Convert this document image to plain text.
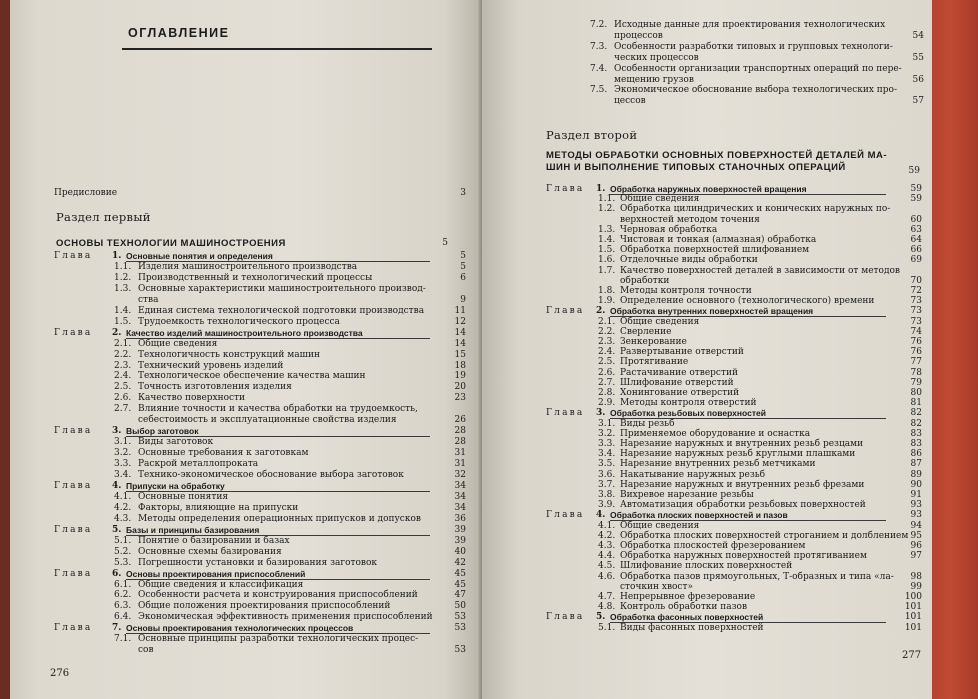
ОГЛАВЛЕНИЕ
Предисловие	3
Раздел первый
ОСНОВЫ ТЕХНОЛОГИИ МАШИНОСТРОЕНИЯ	5
Глава 1. Основные понятия и определения	5
1.1. Изделия машиностроительного производства	5
1.2. Производственный и технологический процессы	6
1.3. Основные характеристики машиностроительного производ-
ства	9
1.4. Единая система технологической подготовки производства	11
1.5. Трудоемкость технологического процесса	12
Глава 2. Качество изделий машиностроительного производства	14
2.1. Общие сведения	14
2.2. Технологичность конструкций машин	15
2.3. Технический уровень изделий	18
2.4. Технологическое обеспечение качества машин	19
2.5. Точность изготовления изделия	20
2.6. Качество поверхности	23
2.7. Влияние точности и качества обработки на трудоемкость,
себестоимость и эксплуатационные свойства изделия	26
Глава 3. Выбор заготовок	28
3.1. Виды заготовок	28
3.2. Основные требования к заготовкам	31
3.3. Раскрой металлопроката	31
3.4. Технико-экономическое обоснование выбора заготовок	32
Глава 4. Припуски на обработку	34
4.1. Основные понятия	34
4.2. Факторы, влияющие на припуски	34
4.3. Методы определения операционных припусков и допусков	36
Глава 5. Базы и принципы базирования	39
5.1. Понятие о базировании и базах	39
5.2. Основные схемы базирования	40
5.3. Погрешности установки и базирования заготовок	42
Глава 6. Основы проектирования приспособлений	45
6.1. Общие сведения и классификация	45
6.2. Особенности расчета и конструирования приспособлений	47
6.3. Общие положения проектирования приспособлений	50
6.4. Экономическая эффективность применения приспособлений	53
Глава 7. Основы проектирования технологических процессов	53
7.1. Основные принципы разработки технологических процес-
сов	53
276
7.2. Исходные данные для проектирования технологических
процессов	54
7.3. Особенности разработки типовых и групповых технологи-
ческих процессов	55
7.4. Особенности организации транспортных операций по пере-
мещению грузов	56
7.5. Экономическое обоснование выбора технологических про-
цессов	57
Раздел второй
МЕТОДЫ ОБРАБОТКИ ОСНОВНЫХ ПОВЕРХНОСТЕЙ ДЕТАЛЕЙ МА-
ШИН И ВЫПОЛНЕНИЕ ТИПОВЫХ СТАНОЧНЫХ ОПЕРАЦИЙ	59
Глава 1. Обработка наружных поверхностей вращения	59
1.1. Общие сведения	59
1.2. Обработка цилиндрических и конических наружных по-
верхностей методом точения	60
1.3. Черновая обработка	63
1.4. Чистовая и тонкая (алмазная) обработка	64
1.5. Обработка поверхностей шлифованием	66
1.6. Отделочные виды обработки	69
1.7. Качество поверхностей деталей в зависимости от методов
обработки	70
1.8. Методы контроля точности	72
1.9. Определение основного (технологического) времени	73
Глава 2. Обработка внутренних поверхностей вращения	73
2.1. Общие сведения	73
2.2. Сверление	74
2.3. Зенкерование	76
2.4. Развертывание отверстий	76
2.5. Протягивание	77
2.6. Растачивание отверстий	78
2.7. Шлифование отверстий	79
2.8. Хонингование отверстий	80
2.9. Методы контроля отверстий	81
Глава 3. Обработка резьбовых поверхностей	82
3.1. Виды резьб	82
3.2. Применяемое оборудование и оснастка	83
3.3. Нарезание наружных и внутренних резьб резцами	83
3.4. Нарезание наружных резьб круглыми плашками	86
3.5. Нарезание внутренних резьб метчиками	87
3.6. Накатывание наружных резьб	89
3.7. Нарезание наружных и внутренних резьб фрезами	90
3.8. Вихревое нарезание резьбы	91
3.9. Автоматизация обработки резьбовых поверхностей	93
Глава 4. Обработка плоских поверхностей и пазов	93
4.1. Общие сведения	94
4.2. Обработка плоских поверхностей строганием и долблением 95
4.3. Обработка плоскостей фрезерованием	96
4.4. Обработка наружных поверхностей протягиванием	97
4.5. Шлифование плоских поверхностей
4.6. Обработка пазов прямоугольных, Т-образных и типа «ла-	98
сточкин хвост»	99
4.7. Непрерывное фрезерование	100
4.8. Контроль обработки пазов	101
Глава 5. Обработка фасонных поверхностей	101
5.1. Виды фасонных поверхностей	101
277
